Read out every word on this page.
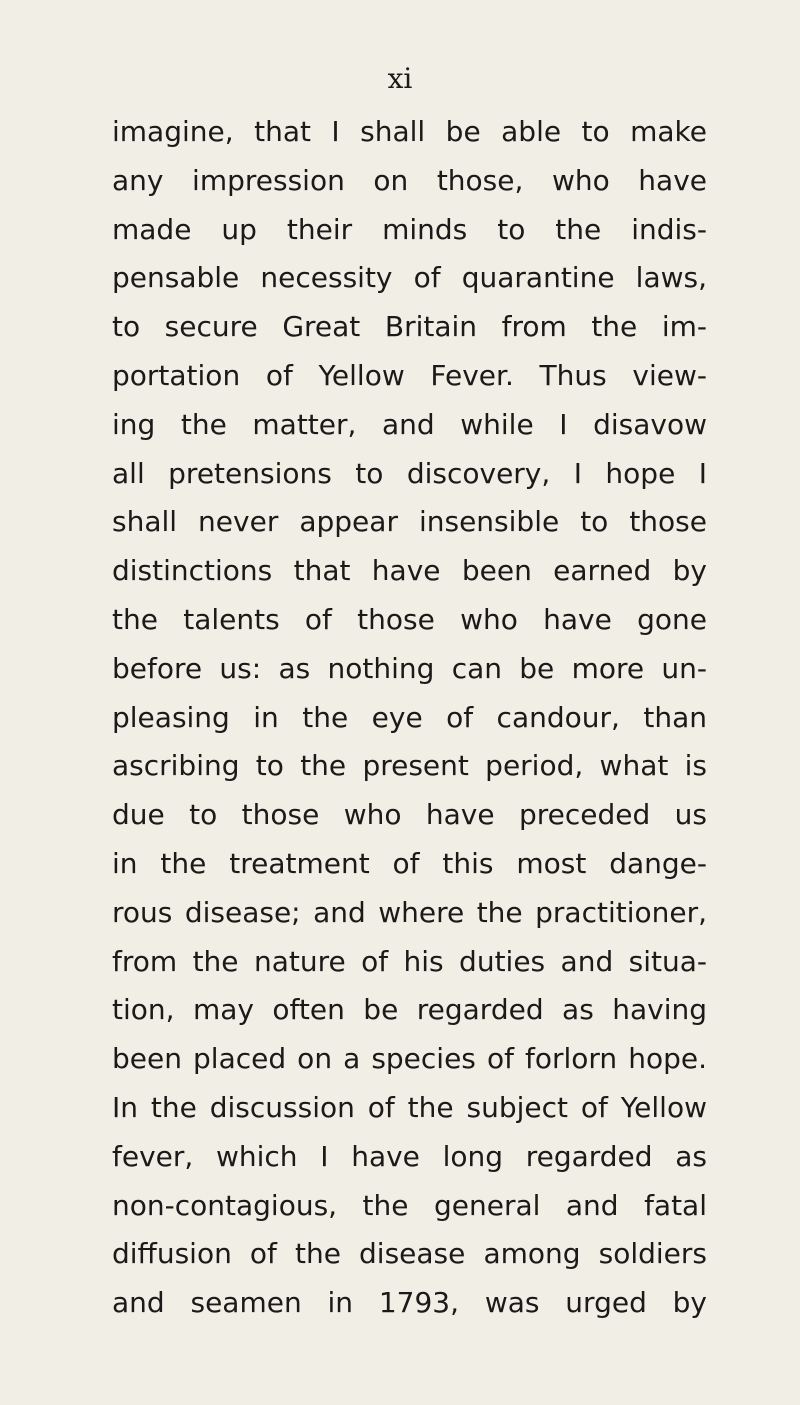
xi
imagine, that I shall be able to make
any impression on those, who have
made up their minds to the indis-
pensable necessity of quarantine laws,
to secure Great Britain from the im-
portation of Yellow Fever. Thus view-
ing the matter, and while I disavow
all pretensions to discovery, I hope I
shall never appear insensible to those
distinctions that have been earned by
the talents of those who have gone
before us: as nothing can be more un-
pleasing in the eye of candour, than
ascribing to the present period, what is
due to those who have preceded us
in the treatment of this most dange-
rous disease; and where the practitioner,
from the nature of his duties and situa-
tion, may often be regarded as having
been placed on a species of forlorn hope.
In the discussion of the subject of Yellow
fever, which I have long regarded as
non-contagious, the general and fatal
diffusion of the disease among soldiers
and seamen in 1793, was urged by
